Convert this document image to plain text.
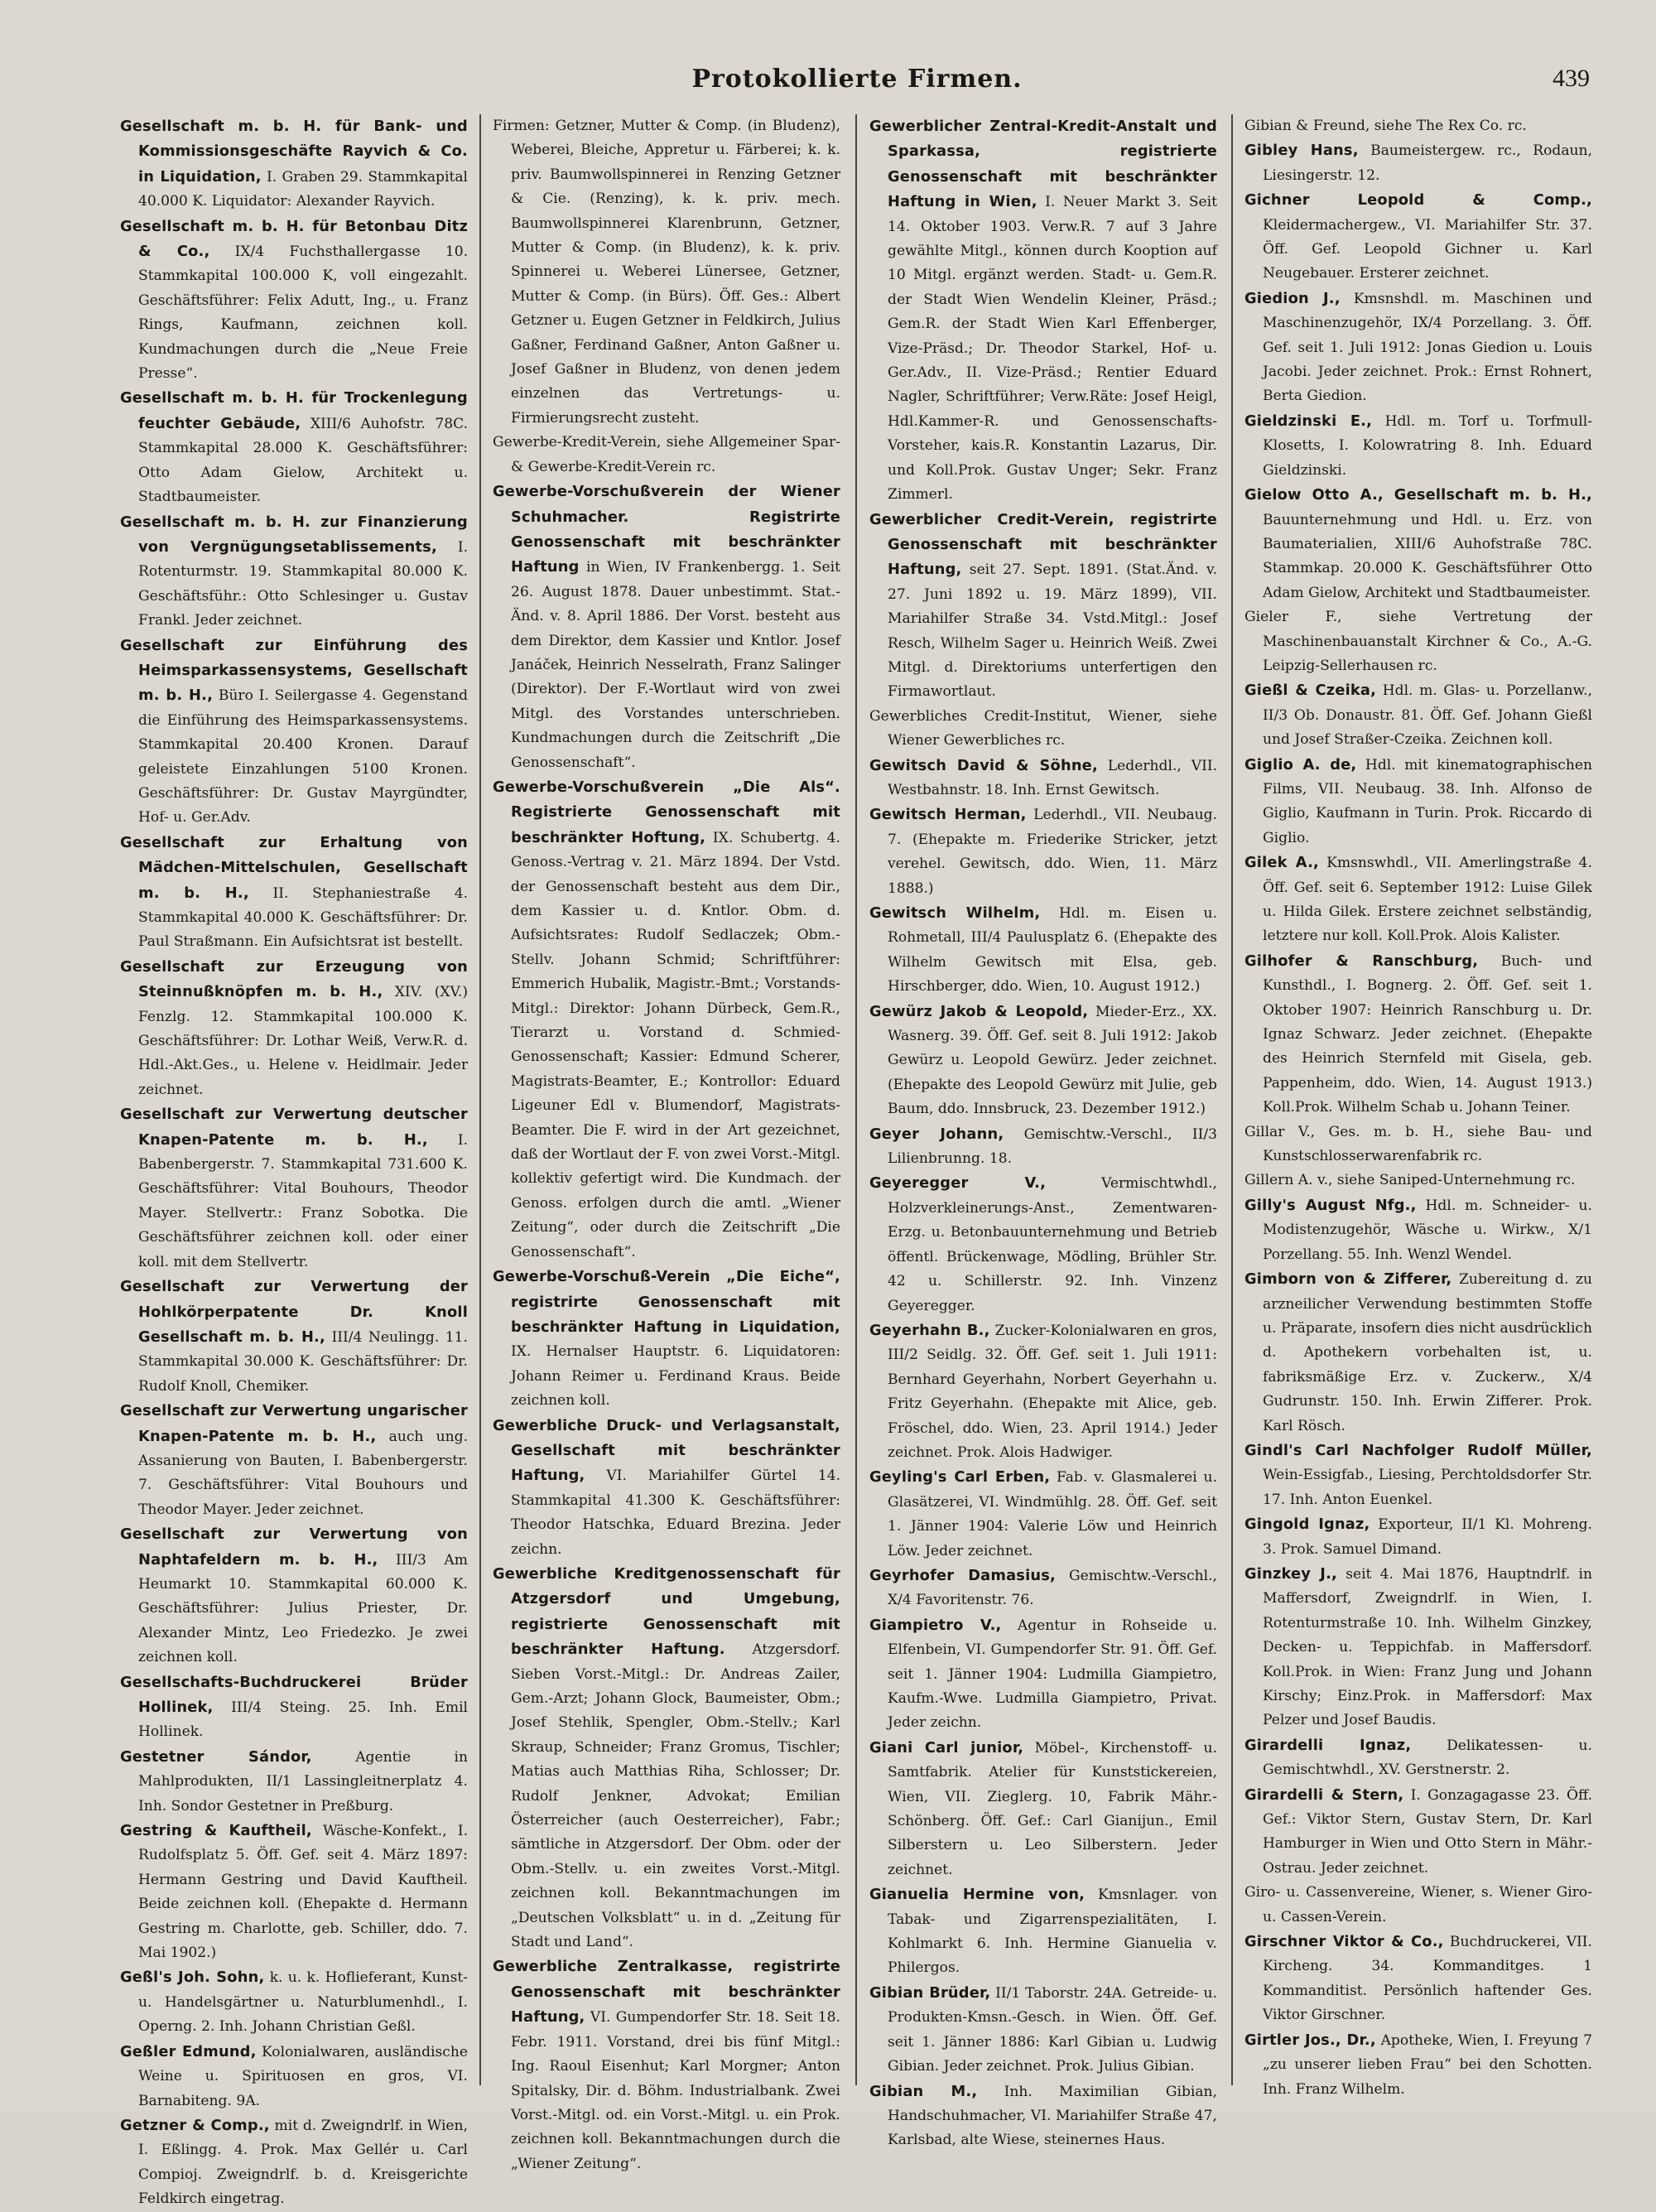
Protokollierte Firmen.	439

Gesellschaft m. b. H. für Bank- und Kommissionsgeschäfte Rayvich & Co. in Liquidation, I. Graben 29. Stammkapital 40.000 K. Liquidator: Alexander Rayvich.

Gesellschaft m. b. H. für Betonbau Ditz & Co., IX/4 Fuchsthallergasse 10. Stammkapital 100.000 K, voll eingezahlt. Geschäftsführer: Felix Adutt, Ing., u. Franz Rings, Kaufmann, zeichnen koll. Kundmachungen durch die „Neue Freie Presse“.

Gesellschaft m. b. H. für Trockenlegung feuchter Gebäude, XIII/6 Auhofstr. 78C. Stammkapital 28.000 K. Geschäftsführer: Otto Adam Gielow, Architekt u. Stadtbaumeister.

Gesellschaft m. b. H. zur Finanzierung von Vergnügungsetablissements, I. Rotenturmstr. 19. Stammkapital 80.000 K. Geschäftsführ.: Otto Schlesinger u. Gustav Frankl. Jeder zeichnet.

Gesellschaft zur Einführung des Heimsparkassensystems, Gesellschaft m. b. H., Büro I. Seilergasse 4. Gegenstand die Einführung des Heimsparkassensystems. Stammkapital 20.400 Kronen. Darauf geleistete Einzahlungen 5100 Kronen. Geschäftsführer: Dr. Gustav Mayrgündter, Hof- u. Ger.Adv.

Gesellschaft zur Erhaltung von Mädchen-Mittelschulen, Gesellschaft m. b. H., II. Stephaniestraße 4. Stammkapital 40.000 K. Geschäftsführer: Dr. Paul Straßmann. Ein Aufsichtsrat ist bestellt.

Gesellschaft zur Erzeugung von Steinnußknöpfen m. b. H., XIV. (XV.) Fenzlg. 12. Stammkapital 100.000 K. Geschäftsführer: Dr. Lothar Weiß, Verw.R. d. Hdl.-Akt.Ges., u. Helene v. Heidlmair. Jeder zeichnet.

Gesellschaft zur Verwertung deutscher Knapen-Patente m. b. H., I. Babenbergerstr. 7. Stammkapital 731.600 K. Geschäftsführer: Vital Bouhours, Theodor Mayer. Stellvertr.: Franz Sobotka. Die Geschäftsführer zeichnen koll. oder einer koll. mit dem Stellvertr.

Gesellschaft zur Verwertung der Hohlkörperpatente Dr. Knoll Gesellschaft m. b. H., III/4 Neulingg. 11. Stammkapital 30.000 K. Geschäftsführer: Dr. Rudolf Knoll, Chemiker.

Gesellschaft zur Verwertung ungarischer Knapen-Patente m. b. H., auch ung. Assanierung von Bauten, I. Babenbergerstr. 7. Geschäftsführer: Vital Bouhours und Theodor Mayer. Jeder zeichnet.

Gesellschaft zur Verwertung von Naphtafeldern m. b. H., III/3 Am Heumarkt 10. Stammkapital 60.000 K. Geschäftsführer: Julius Priester, Dr. Alexander Mintz, Leo Friedezko. Je zwei zeichnen koll.

Gesellschafts-Buchdruckerei Brüder Hollinek, III/4 Steing. 25. Inh. Emil Hollinek.

Gestetner Sándor,	Agentie in Mahlprodukten, II/1 Lassingleitnerplatz 4. Inh. Sondor Gestetner in Preßburg.

Gestring & Kauftheil, Wäsche-Konfekt., I. Rudolfsplatz 5. Öff. Gef. seit 4. März 1897: Hermann Gestring und David Kauftheil. Beide zeichnen koll. (Ehepakte d. Hermann Gestring m. Charlotte, geb. Schiller, ddo. 7. Mai 1902.)

Geßl's Joh. Sohn, k. u. k. Hoflieferant, Kunst- u. Handelsgärtner u. Naturblumenhdl., I. Operng. 2. Inh. Johann Christian Geßl.

Geßler Edmund, Kolonialwaren, ausländische Weine u. Spirituosen en gros, VI. Barnabiteng. 9A.

Getzner & Comp., mit d. Zweigndrlf. in Wien, I. Eßlingg. 4. Prok. Max Gellér u. Carl Compioj. Zweigndrlf. b. d. Kreisgerichte Feldkirch eingetrag.

Firmen: Getzner, Mutter & Comp. (in Bludenz), Weberei, Bleiche, Appretur u. Färberei; k. k. priv. Baumwollspinnerei in Renzing Getzner & Cie. (Renzing), k. k. priv. mech. Baumwollspinnerei Klarenbrunn, Getzner, Mutter & Comp. (in Bludenz), k. k. priv. Spinnerei u. Weberei Lünersee, Getzner, Mutter & Comp. (in Bürs). Öff. Ges.: Albert Getzner u. Eugen Getzner in Feldkirch, Julius Gaßner, Ferdinand Gaßner, Anton Gaßner u. Josef Gaßner in Bludenz, von denen jedem einzelnen das Vertretungs- u. Firmierungsrecht zusteht.

Gewerbe-Kredit-Verein, siehe Allgemeiner Spar- & Gewerbe-Kredit-Verein rc.

Gewerbe-Vorschußverein der Wiener Schuhmacher. Registrirte Genossenschaft mit beschränkter Haftung in Wien, IV Frankenbergg. 1. Seit 26. August 1878. Dauer unbestimmt. Stat.-Änd. v. 8. April 1886. Der Vorst. besteht aus dem Direktor, dem Kassier und Kntlor. Josef Janáček, Heinrich Nesselrath, Franz Salinger (Direktor). Der F.-Wortlaut wird von zwei Mitgl. des Vorstandes unterschrieben. Kundmachungen durch die Zeitschrift „Die Genossenschaft“.

Gewerbe-Vorschußverein „Die Als“. Registrierte Genossenschaft mit beschränkter Hoftung, IX. Schubertg. 4. Genoss.-Vertrag v. 21. März 1894. Der Vstd. der Genossenschaft besteht aus dem Dir., dem Kassier u. d. Kntlor. Obm. d. Aufsichtsrates: Rudolf Sedlaczek; Obm.-Stellv. Johann Schmid; Schriftführer: Emmerich Hubalik, Magistr.-Bmt.; Vorstands-Mitgl.: Direktor: Johann Dürbeck, Gem.R., Tierarzt u. Vorstand d. Schmied-Genossenschaft; Kassier: Edmund Scherer, Magistrats-Beamter, E.; Kontrollor: Eduard Ligeuner Edl v. Blumendorf, Magistrats-Beamter. Die F. wird in der Art gezeichnet, daß der Wortlaut der F. von zwei Vorst.-Mitgl. kollektiv gefertigt wird. Die Kundmach. der Genoss. erfolgen durch die amtl. „Wiener Zeitung“, oder durch die Zeitschrift „Die Genossenschaft“.

Gewerbe-Vorschuß-Verein „Die Eiche“, registrirte Genossenschaft mit beschränkter Haftung in Liquidation, IX. Hernalser Hauptstr. 6. Liquidatoren: Johann Reimer u. Ferdinand Kraus. Beide zeichnen koll.

Gewerbliche Druck- und Verlagsanstalt, Gesellschaft mit beschränkter Haftung, VI. Mariahilfer Gürtel 14. Stammkapital 41.300 K. Geschäftsführer: Theodor Hatschka, Eduard Brezina. Jeder zeichn.

Gewerbliche Kreditgenossenschaft für Atzgersdorf und Umgebung, registrierte Genossenschaft mit beschränkter Haftung. Atzgersdorf. Sieben Vorst.-Mitgl.: Dr. Andreas Zailer, Gem.-Arzt; Johann Glock, Baumeister, Obm.; Josef Stehlik, Spengler, Obm.-Stellv.; Karl Skraup, Schneider; Franz Gromus, Tischler; Matias auch Matthias Riha, Schlosser; Dr. Rudolf Jenkner, Advokat; Emilian Österreicher (auch Oesterreicher), Fabr.; sämtliche in Atzgersdorf. Der Obm. oder der Obm.-Stellv. u. ein zweites Vorst.-Mitgl. zeichnen koll. Bekanntmachungen im „Deutschen Volksblatt“ u. in d. „Zeitung für Stadt und Land“.

Gewerbliche Zentralkasse, registrirte Genossenschaft mit beschränkter Haftung, VI. Gumpendorfer Str. 18. Seit 18. Febr. 1911. Vorstand, drei bis fünf Mitgl.: Ing. Raoul Eisenhut; Karl Morgner; Anton Spitalsky, Dir. d. Böhm. Industrialbank. Zwei Vorst.-Mitgl. od. ein Vorst.-Mitgl. u. ein Prok. zeichnen koll. Bekanntmachungen durch die „Wiener Zeitung“.

Gewerblicher Zentral-Kredit-Anstalt und Sparkassa, registrierte Genossenschaft mit beschränkter Haftung in Wien, I. Neuer Markt 3. Seit 14. Oktober 1903. Verw.R. 7 auf 3 Jahre gewählte Mitgl., können durch Kooption auf 10 Mitgl. ergänzt werden. Stadt- u. Gem.R. der Stadt Wien Wendelin Kleiner, Präsd.; Gem.R. der Stadt Wien Karl Effenberger, Vize-Präsd.; Dr. Theodor Starkel, Hof- u. Ger.Adv., II. Vize-Präsd.; Rentier Eduard Nagler, Schriftführer; Verw.Räte: Josef Heigl, Hdl.Kammer-R. und Genossenschafts-Vorsteher, kais.R. Konstantin Lazarus, Dir. und Koll.Prok. Gustav Unger; Sekr. Franz Zimmerl.

Gewerblicher Credit-Verein, registrirte Genossenschaft mit beschränkter Haftung, seit 27. Sept. 1891. (Stat.Änd. v. 27. Juni 1892 u. 19. März 1899), VII. Mariahilfer Straße 34. Vstd.Mitgl.: Josef Resch, Wilhelm Sager u. Heinrich Weiß. Zwei Mitgl. d. Direktoriums unterfertigen den Firmawortlaut.

Gewerbliches Credit-Institut, Wiener, siehe Wiener Gewerbliches rc.

Gewitsch David & Söhne, Lederhdl., VII. Westbahnstr. 18. Inh. Ernst Gewitsch.

Gewitsch Herman, Lederhdl., VII. Neubaug. 7. (Ehepakte m. Friederike Stricker, jetzt verehel. Gewitsch, ddo. Wien, 11. März 1888.)

Gewitsch Wilhelm, Hdl. m. Eisen u. Rohmetall, III/4 Paulusplatz 6. (Ehepakte des Wilhelm Gewitsch mit Elsa, geb. Hirschberger, ddo. Wien, 10. August 1912.)

Gewürz Jakob & Leopold, Mieder-Erz., XX. Wasnerg. 39. Öff. Gef. seit 8. Juli 1912: Jakob Gewürz u. Leopold Gewürz. Jeder zeichnet. (Ehepakte des Leopold Gewürz mit Julie, geb Baum, ddo. Innsbruck, 23. Dezember 1912.)

Geyer Johann, Gemischtw.-Verschl., II/3 Lilienbrunng. 18.

Geyeregger V.,	Vermischtwhdl., Holzverkleinerungs-Anst., Zementwaren-Erzg. u. Betonbauunternehmung und Betrieb öffentl. Brückenwage, Mödling, Brühler Str. 42 u. Schillerstr. 92. Inh. Vinzenz Geyeregger.

Geyerhahn B., Zucker-Kolonialwaren en gros, III/2 Seidlg. 32. Öff. Gef. seit 1. Juli 1911: Bernhard Geyerhahn, Norbert Geyerhahn u. Fritz Geyerhahn. (Ehepakte mit Alice, geb. Fröschel, ddo. Wien, 23. April 1914.) Jeder zeichnet. Prok. Alois Hadwiger.

Geyling's Carl Erben, Fab. v. Glasmalerei u. Glasätzerei, VI. Windmühlg. 28. Öff. Gef. seit 1. Jänner 1904: Valerie Löw und Heinrich Löw. Jeder zeichnet.

Geyrhofer Damasius, Gemischtw.-Verschl., X/4 Favoritenstr. 76.

Giampietro V., Agentur in Rohseide u. Elfenbein, VI. Gumpendorfer Str. 91. Öff. Gef. seit 1. Jänner 1904: Ludmilla Giampietro, Kaufm.-Wwe. Ludmilla Giampietro, Privat. Jeder zeichn.

Giani Carl junior, Möbel-, Kirchenstoff- u. Samtfabrik. Atelier für Kunststickereien, Wien, VII. Zieglerg. 10, Fabrik Mähr.-Schönberg. Öff. Gef.: Carl Gianijun., Emil Silberstern u. Leo Silberstern. Jeder zeichnet.

Gianuelia Hermine von, Kmsnlager. von Tabak- und Zigarrenspezialitäten, I. Kohlmarkt 6. Inh. Hermine Gianuelia v. Philergos.

Gibian Brüder, II/1 Taborstr. 24A. Getreide- u. Produkten-Kmsn.-Gesch. in Wien. Öff. Gef. seit 1. Jänner 1886: Karl Gibian u. Ludwig Gibian. Jeder zeichnet. Prok. Julius Gibian.

Gibian M., Inh. Maximilian Gibian, Handschuhmacher, VI. Mariahilfer Straße 47, Karlsbad, alte Wiese, steinernes Haus.

Gibian & Freund, siehe The Rex Co. rc.

Gibley Hans, Baumeistergew. rc., Rodaun, Liesingerstr. 12.

Gichner Leopold & Comp., Kleidermachergew., VI. Mariahilfer Str. 37. Öff. Gef. Leopold Gichner u. Karl Neugebauer. Ersterer zeichnet.

Giedion J., Kmsnshdl. m. Maschinen und Maschinenzugehör, IX/4 Porzellang. 3. Öff. Gef. seit 1. Juli 1912: Jonas Giedion u. Louis Jacobi. Jeder zeichnet. Prok.: Ernst Rohnert, Berta Giedion.

Gieldzinski E., Hdl. m. Torf u. Torfmull-Klosetts, I. Kolowratring 8. Inh. Eduard Gieldzinski.

Gielow Otto A., Gesellschaft m. b. H., Bauunternehmung und Hdl. u. Erz. von Baumaterialien, XIII/6 Auhofstraße 78C. Stammkap. 20.000 K. Geschäftsführer Otto Adam Gielow, Architekt und Stadtbaumeister.

Gieler F., siehe Vertretung der Maschinenbauanstalt Kirchner & Co., A.-G. Leipzig-Sellerhausen rc.

Gießl & Czeika, Hdl. m. Glas- u. Porzellanw., II/3 Ob. Donaustr. 81. Öff. Gef. Johann Gießl und Josef Straßer-Czeika. Zeichnen koll.

Giglio A. de, Hdl. mit kinematographischen Films, VII. Neubaug. 38. Inh. Alfonso de Giglio, Kaufmann in Turin. Prok. Riccardo di Giglio.

Gilek A., Kmsnswhdl., VII. Amerlingstraße 4. Öff. Gef. seit 6. September 1912: Luise Gilek u. Hilda Gilek. Erstere zeichnet selbständig, letztere nur koll. Koll.Prok. Alois Kalister.

Gilhofer & Ranschburg, Buch- und Kunsthdl., I. Bognerg. 2. Öff. Gef. seit 1. Oktober 1907: Heinrich Ranschburg u. Dr. Ignaz Schwarz. Jeder zeichnet. (Ehepakte des Heinrich Sternfeld mit Gisela, geb. Pappenheim, ddo. Wien, 14. August 1913.) Koll.Prok. Wilhelm Schab u. Johann Teiner.

Gillar V., Ges. m. b. H., siehe Bau- und Kunstschlosserwarenfabrik rc.

Gillern A. v., siehe Saniped-Unternehmung rc.

Gilly's August Nfg., Hdl. m. Schneider- u. Modistenzugehör, Wäsche u. Wirkw., X/1 Porzellang. 55. Inh. Wenzl Wendel.

Gimborn von & Zifferer, Zubereitung d. zu arzneilicher Verwendung bestimmten Stoffe u. Präparate, insofern dies nicht ausdrücklich d. Apothekern vorbehalten ist, u. fabriksmäßige Erz. v. Zuckerw., X/4 Gudrunstr. 150. Inh. Erwin Zifferer. Prok. Karl Rösch.

Gindl's Carl Nachfolger Rudolf Müller, Wein-Essigfab., Liesing, Perchtoldsdorfer Str. 17. Inh. Anton Euenkel.

Gingold Ignaz, Exporteur, II/1 Kl. Mohreng. 3. Prok. Samuel Dimand.

Ginzkey J., seit 4. Mai 1876, Hauptndrlf. in Maffersdorf, Zweigndrlf. in Wien, I. Rotenturmstraße 10. Inh. Wilhelm Ginzkey, Decken- u. Teppichfab. in Maffersdorf. Koll.Prok. in Wien: Franz Jung und Johann Kirschy; Einz.Prok. in Maffersdorf: Max Pelzer und Josef Baudis.

Girardelli Ignaz,	Delikatessen- u. Gemischtwhdl., XV. Gerstnerstr. 2.

Girardelli & Stern, I. Gonzagagasse 23. Öff. Gef.: Viktor Stern, Gustav Stern, Dr. Karl Hamburger in Wien und Otto Stern in Mähr.-Ostrau. Jeder zeichnet.

Giro- u. Cassenvereine, Wiener, s. Wiener Giro- u. Cassen-Verein.

Girschner Viktor & Co., Buchdruckerei, VII. Kircheng. 34. Kommanditges. 1 Kommanditist. Persönlich haftender Ges. Viktor Girschner.

Girtler Jos., Dr., Apotheke, Wien, I. Freyung 7 „zu unserer lieben Frau“ bei den Schotten. Inh. Franz Wilhelm.
